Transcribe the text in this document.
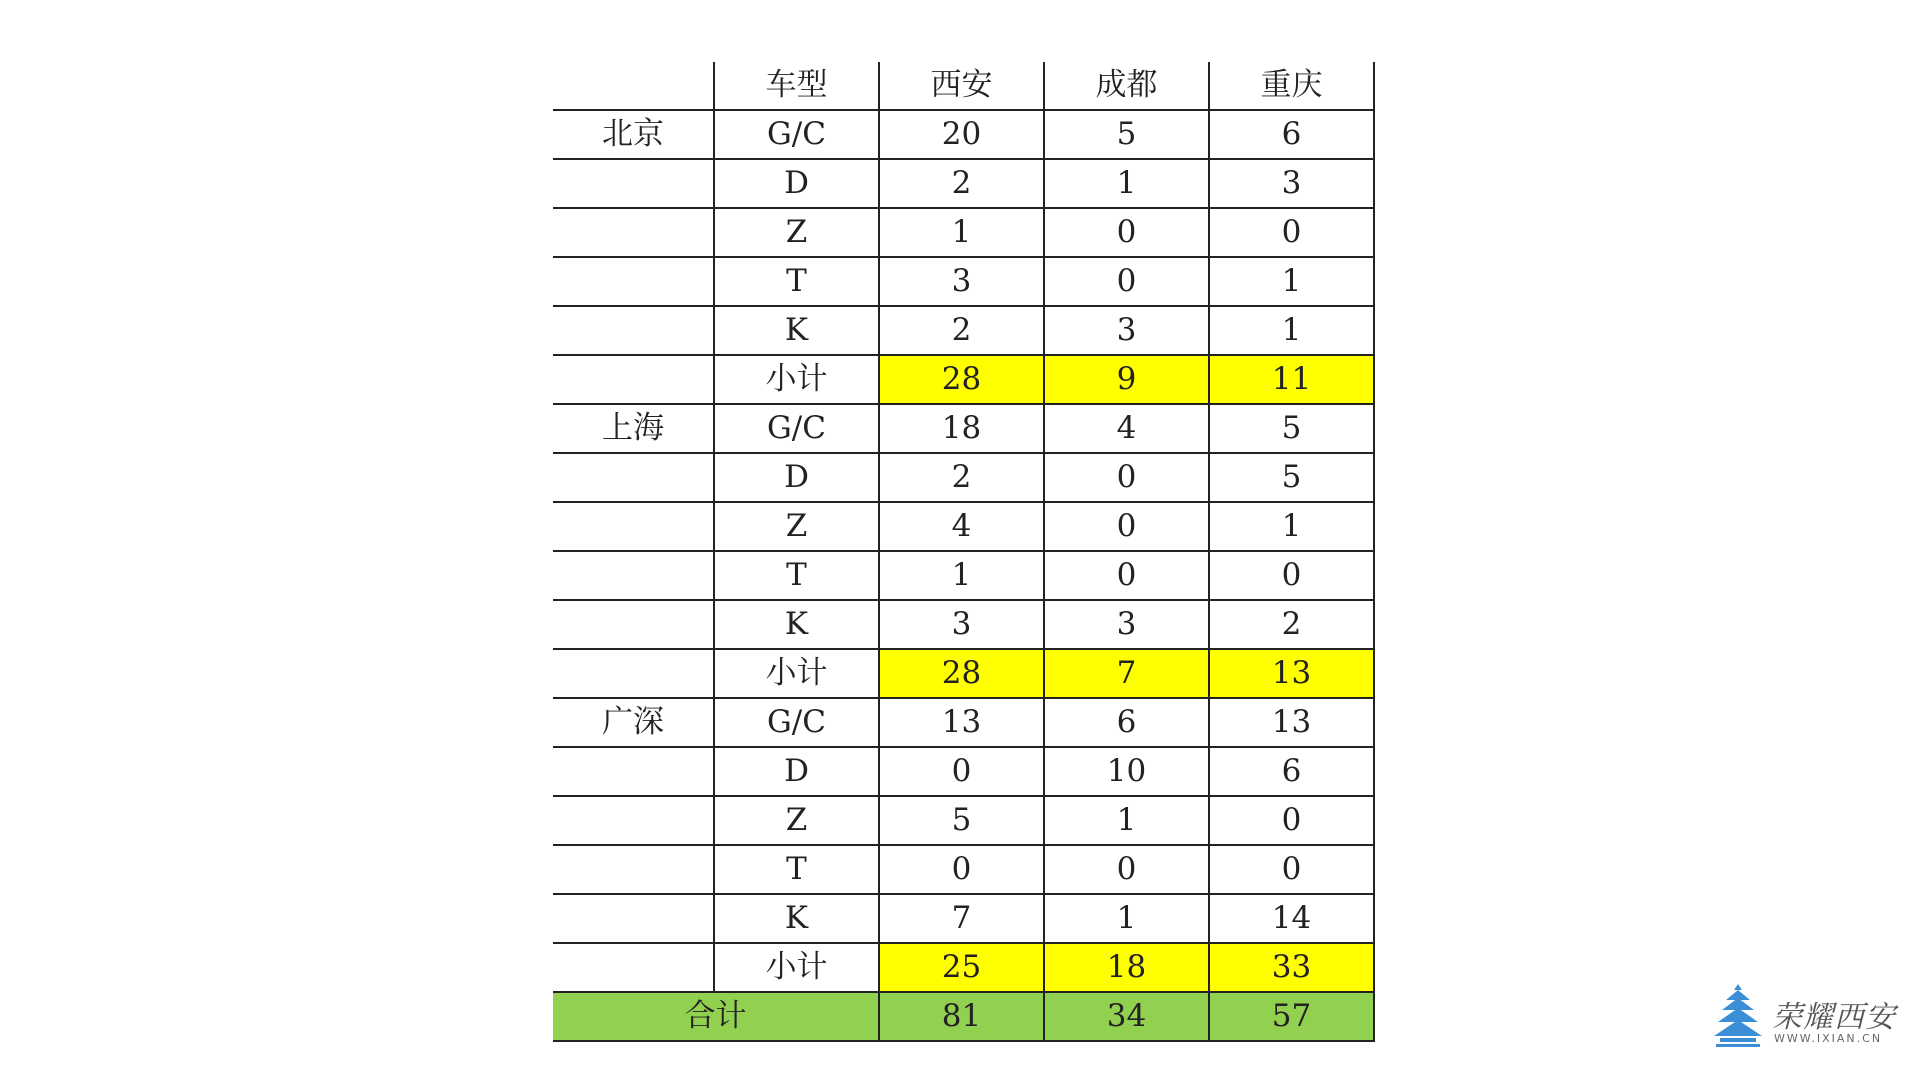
	车型	西安	成都	重庆
北京	G/C	20	5	6
	D	2	1	3
	Z	1	0	0
	T	3	0	1
	K	2	3	1
	小计	28	9	11
上海	G/C	18	4	5
	D	2	0	5
	Z	4	0	1
	T	1	0	0
	K	3	3	2
	小计	28	7	13
广深	G/C	13	6	13
	D	0	10	6
	Z	5	1	0
	T	0	0	0
	K	7	1	14
	小计	25	18	33
合计		81	34	57	荣耀西安
WWW.IXIAN.CN
